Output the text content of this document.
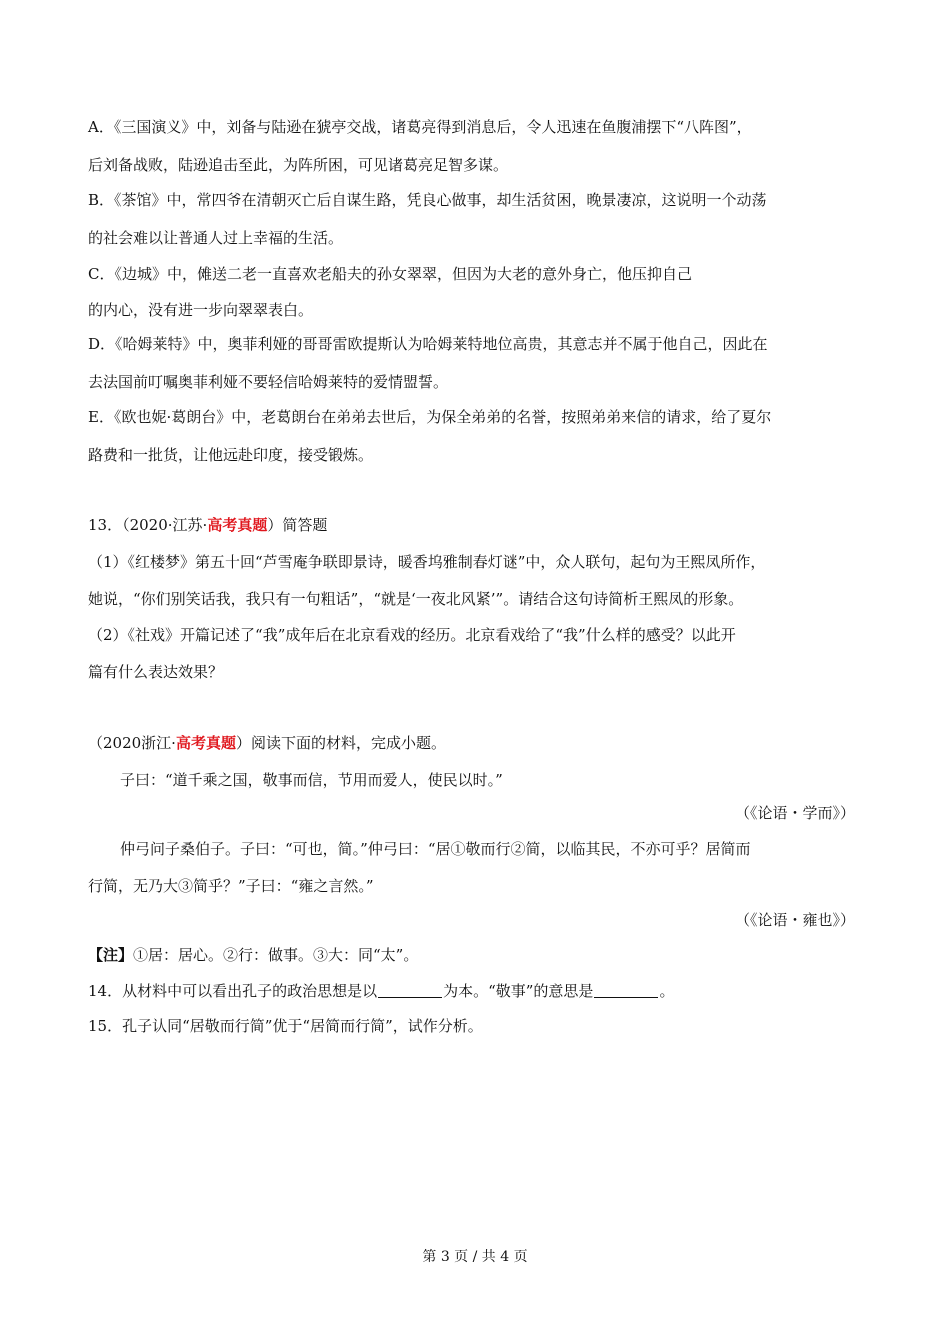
A．《三国演义》中，刘备与陆逊在猇亭交战，诸葛亮得到消息后，令人迅速在鱼腹浦摆下“八阵图”，
后刘备战败，陆逊追击至此，为阵所困，可见诸葛亮足智多谋。
B．《茶馆》中，常四爷在清朝灭亡后自谋生路，凭良心做事，却生活贫困，晚景凄凉，这说明一个动荡
的社会难以让普通人过上幸福的生活。
C．《边城》中，傩送二老一直喜欢老船夫的孙女翠翠，但因为大老的意外身亡，他压抑自己
的内心，没有进一步向翠翠表白。
D．《哈姆莱特》中，奥菲利娅的哥哥雷欧提斯认为哈姆莱特地位高贵，其意志并不属于他自己，因此在
去法国前叮嘱奥菲利娅不要轻信哈姆莱特的爱情盟誓。
E．《欧也妮·葛朗台》中，老葛朗台在弟弟去世后，为保全弟弟的名誉，按照弟弟来信的请求，给了夏尔
路费和一批货，让他远赴印度，接受锻炼。
13．（2020·江苏·高考真题）简答题
（1）《红楼梦》第五十回“芦雪庵争联即景诗，暖香坞雅制春灯谜”中，众人联句，起句为王熙凤所作，
她说，“你们别笑话我，我只有一句粗话”，“就是‘一夜北风紧’”。请结合这句诗简析王熙凤的形象。
（2）《社戏》开篇记述了“我”成年后在北京看戏的经历。北京看戏给了“我”什么样的感受？以此开
篇有什么表达效果？
（2020浙江·高考真题）阅读下面的材料，完成小题。
子曰：“道千乘之国，敬事而信，节用而爱人，使民以时。”
（《论语・学而》）
仲弓问子桑伯子。子曰：“可也，简。”仲弓曰：“居①敬而行②简，以临其民，不亦可乎？居简而
行简，无乃大③简乎？”子曰：“雍之言然。”
（《论语・雍也》）
【注】①居：居心。②行：做事。③大：同“太”。
14．从材料中可以看出孔子的政治思想是以	为本。“敬事”的意思是	。
15．孔子认同“居敬而行简”优于“居简而行简”，试作分析。
第 3 页 / 共 4 页
